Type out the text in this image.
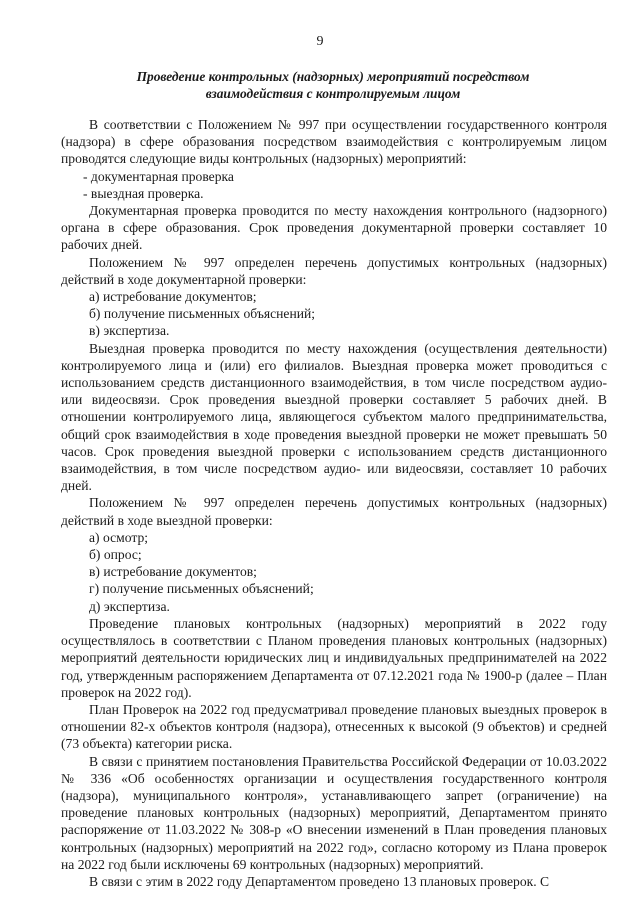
9
Проведение контрольных (надзорных) мероприятий посредством
взаимодействия с контролируемым лицом

В соответствии с Положением № 997 при осуществлении государственного контроля (надзора) в сфере образования посредством взаимодействия с контролируемым лицом проводятся следующие виды контрольных (надзорных) мероприятий:

- документарная проверка
- выездная проверка.

Документарная проверка проводится по месту нахождения контрольного (надзорного) органа в сфере образования. Срок проведения документарной проверки составляет 10 рабочих дней.

Положением № 997 определен перечень допустимых контрольных (надзорных) действий в ходе документарной проверки:

а) истребование документов;
б) получение письменных объяснений;
в) экспертиза.

Выездная проверка проводится по месту нахождения (осуществления деятельности) контролируемого лица и (или) его филиалов. Выездная проверка может проводиться с использованием средств дистанционного взаимодействия, в том числе посредством аудио- или видеосвязи. Срок проведения выездной проверки составляет 5 рабочих дней. В отношении контролируемого лица, являющегося субъектом малого предпринимательства, общий срок взаимодействия в ходе проведения выездной проверки не может превышать 50 часов. Срок проведения выездной проверки с использованием средств дистанционного взаимодействия, в том числе посредством аудио- или видеосвязи, составляет 10 рабочих дней.

Положением № 997 определен перечень допустимых контрольных (надзорных) действий в ходе выездной проверки:

а) осмотр;
б) опрос;
в) истребование документов;
г) получение письменных объяснений;
д) экспертиза.

Проведение плановых контрольных (надзорных) мероприятий в 2022 году осуществлялось в соответствии с Планом проведения плановых контрольных (надзорных) мероприятий деятельности юридических лиц и индивидуальных предпринимателей на 2022 год, утвержденным распоряжением Департамента от 07.12.2021 года № 1900-р (далее – План проверок на 2022 год).

План Проверок на 2022 год предусматривал проведение плановых выездных проверок в отношении 82-х объектов контроля (надзора), отнесенных к высокой (9 объектов) и средней (73 объекта) категории риска.

В связи с принятием постановления Правительства Российской Федерации от 10.03.2022 № 336 «Об особенностях организации и осуществления государственного контроля (надзора), муниципального контроля», устанавливающего запрет (ограничение) на проведение плановых контрольных (надзорных) мероприятий, Департаментом принято распоряжение от 11.03.2022 № 308-р «О внесении изменений в План проведения плановых контрольных (надзорных) мероприятий на 2022 год», согласно которому из Плана проверок на 2022 год были исключены 69 контрольных (надзорных) мероприятий.

В связи с этим в 2022 году Департаментом проведено 13 плановых проверок. С
